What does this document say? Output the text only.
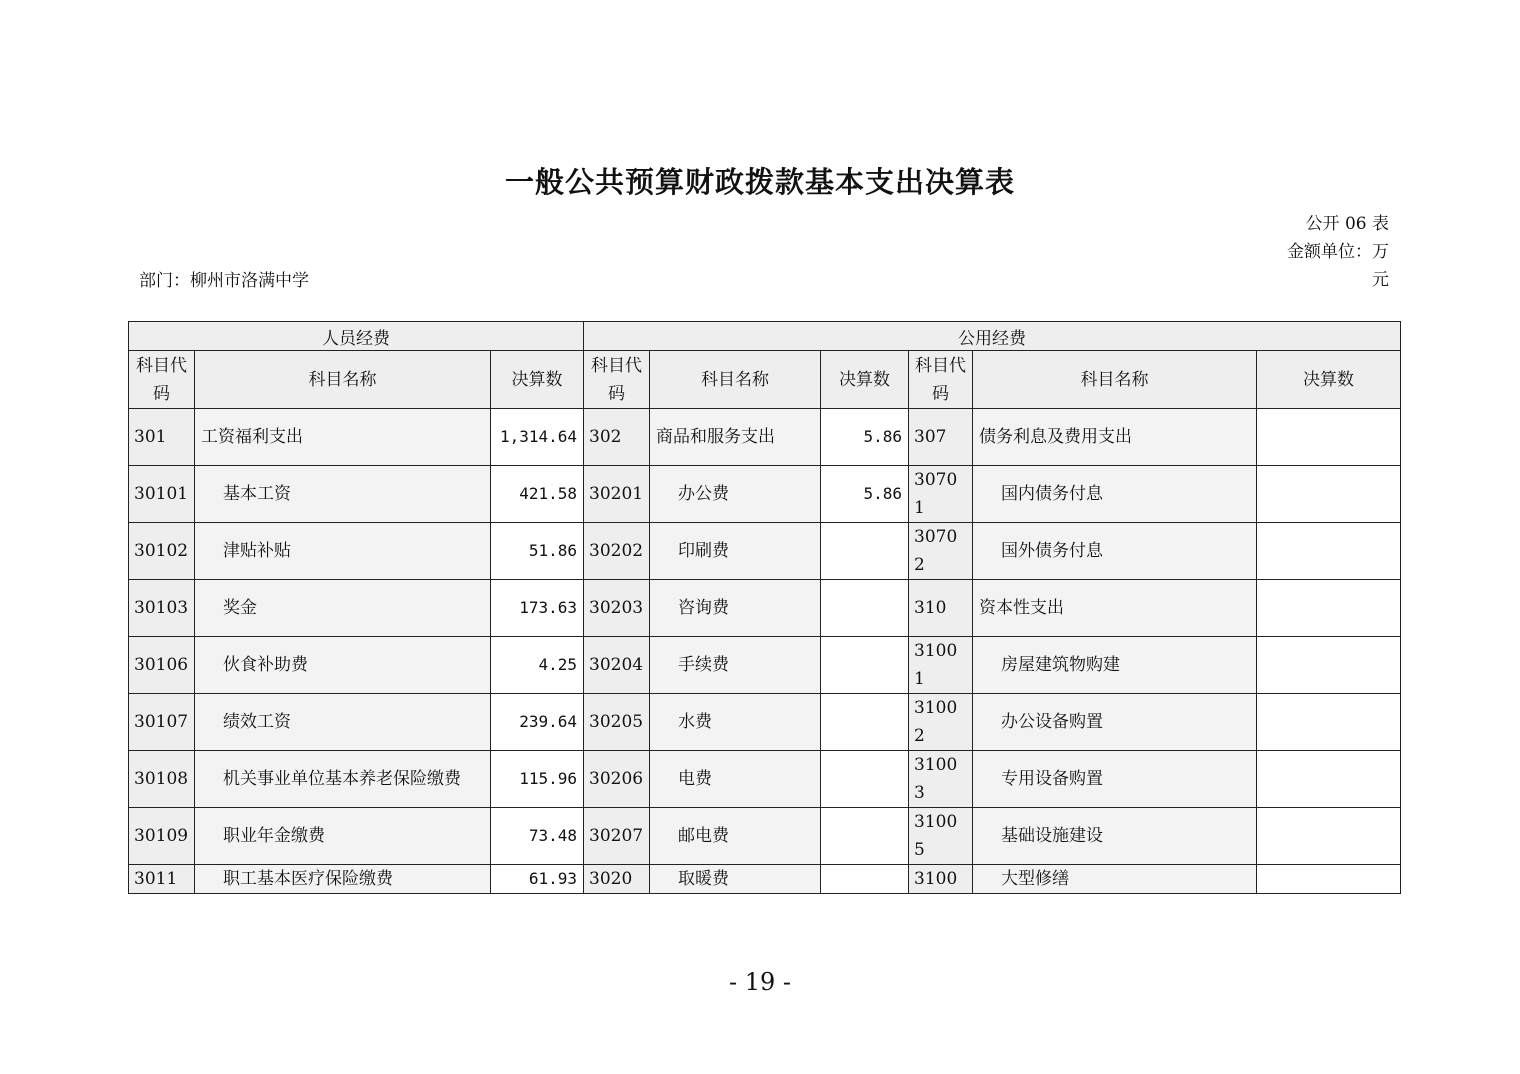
一般公共预算财政拨款基本支出决算表
公开 06 表
金额单位：万
元
部门：柳州市洛满中学
人员经费			公用经费					
科目代码	科目名称	决算数	科目代码	科目名称	决算数	科目代码	科目名称	决算数
301	工资福利支出	1,314.64	302	商品和服务支出	5.86	307	债务利息及费用支出	
30101	基本工资	421.58	30201	办公费	5.86	30701	国内债务付息	
30102	津贴补贴	51.86	30202	印刷费		30702	国外债务付息	
30103	奖金	173.63	30203	咨询费		310	资本性支出	
30106	伙食补助费	4.25	30204	手续费		31001	房屋建筑物购建	
30107	绩效工资	239.64	30205	水费		31002	办公设备购置	
30108	机关事业单位基本养老保险缴费	115.96	30206	电费		31003	专用设备购置	
30109	职业年金缴费	73.48	30207	邮电费		31005	基础设施建设	
3011	职工基本医疗保险缴费	61.93	3020	取暖费		3100	大型修缮	
- 19 -
